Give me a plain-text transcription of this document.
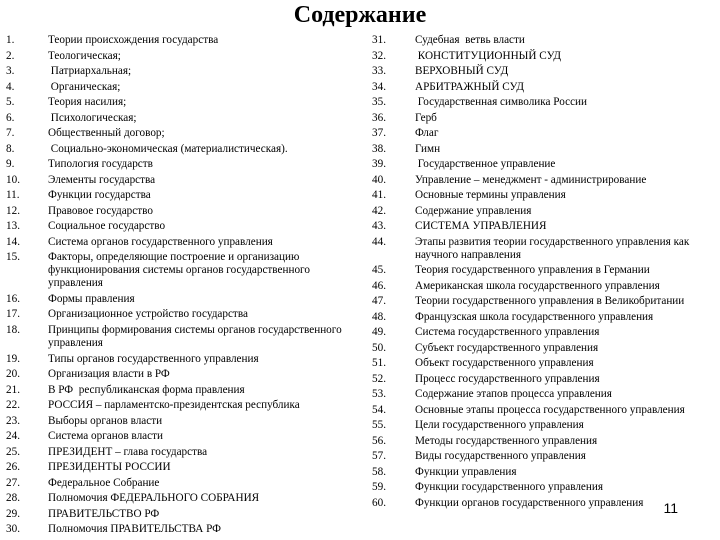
Содержание
1.	Теории происхождения государства
2.	Теологическая;
3.	Патриархальная;
4.	Органическая;
5.	Теория насилия;
6.	Психологическая;
7.	Общественный договор;
8.	Социально-экономическая (материалистическая).
9.	Типология государств
10.	Элементы государства
11.	Функции государства
12.	Правовое государство
13.	Социальное государство
14.	Система органов государственного управления
15.	Факторы, определяющие построение и организацию функционирования системы органов государственного управления
16.	Формы правления
17.	Организационное устройство государства
18.	Принципы формирования системы органов государственного управления
19.	Типы органов государственного управления
20.	Организация власти в РФ
21.	В РФ  республиканская форма правления
22.	РОССИЯ – парламентско-президентская республика
23.	Выборы органов власти
24.	Система органов власти
25.	ПРЕЗИДЕНТ – глава государства
26.	ПРЕЗИДЕНТЫ РОССИИ
27.	Федеральное Собрание
28.	Полномочия ФЕДЕРАЛЬНОГО СОБРАНИЯ
29.	ПРАВИТЕЛЬСТВО РФ
30.	Полномочия ПРАВИТЕЛЬСТВА РФ
31.	Судебная  ветвь власти
32.	КОНСТИТУЦИОННЫЙ СУД
33.	ВЕРХОВНЫЙ СУД
34.	АРБИТРАЖНЫЙ СУД
35.	Государственная символика России
36.	Герб
37.	Флаг
38.	Гимн
39.	Государственное управление
40.	Управление – менеджмент - администрирование
41.	Основные термины управления
42.	Содержание управления
43.	СИСТЕМА УПРАВЛЕНИЯ
44.	Этапы развития теории государственного управления как научного направления
45.	Теория государственного управления в Германии
46.	Американская школа государственного управления
47.	Теории государственного управления в Великобритании
48.	Французская школа государственного управления
49.	Система государственного управления
50.	Субъект государственного управления
51.	Объект государственного управления
52.	Процесс государственного управления
53.	Содержание этапов процесса управления
54.	Основные этапы процесса государственного управления
55.	Цели государственного управления
56.	Методы государственного управления
57.	Виды государственного управления
58.	Функции управления
59.	Функции государственного управления
60.	Функции органов государственного управления	11
